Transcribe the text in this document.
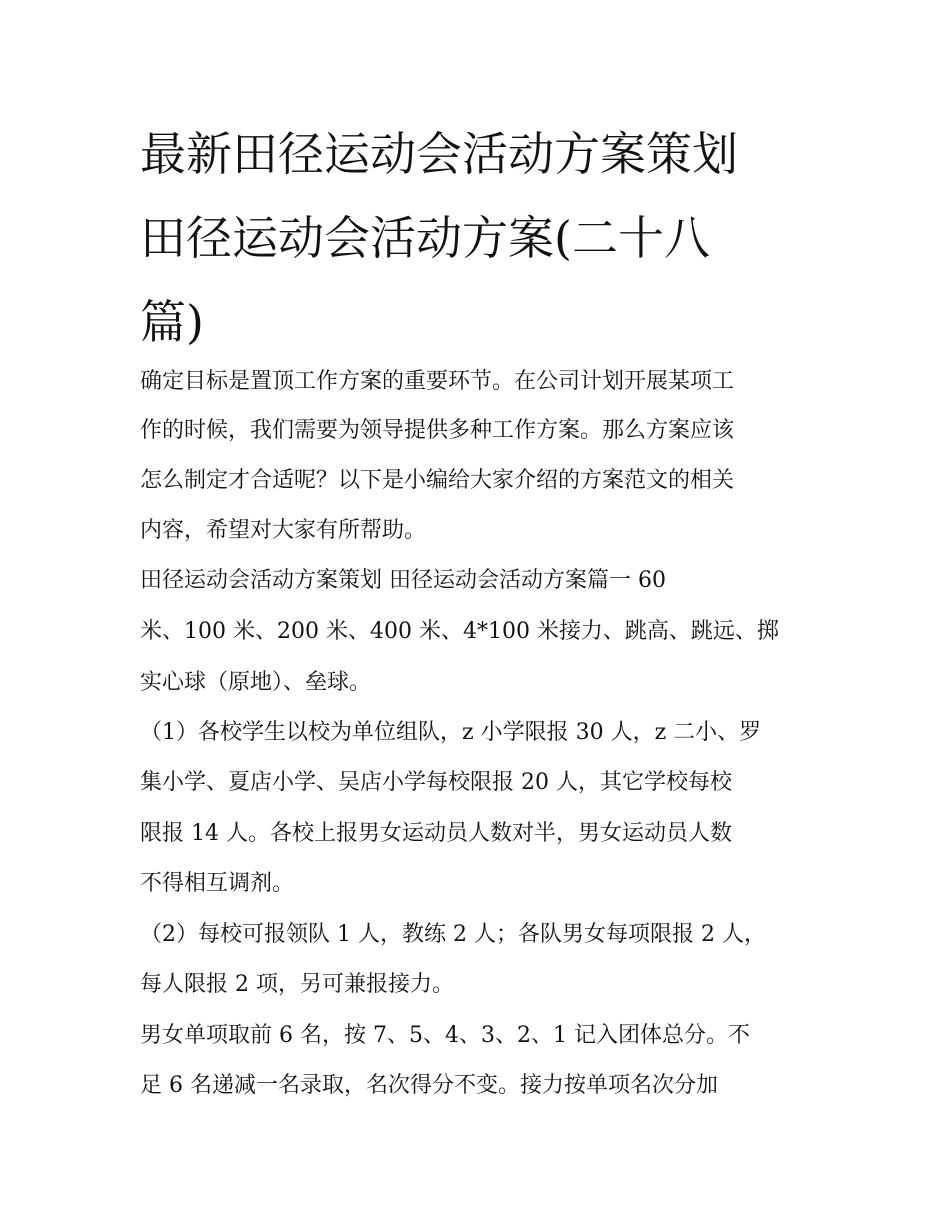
最新田径运动会活动方案策划
田径运动会活动方案(二十八
篇)

确定目标是置顶工作方案的重要环节。在公司计划开展某项工

作的时候，我们需要为领导提供多种工作方案。那么方案应该

怎么制定才合适呢？以下是小编给大家介绍的方案范文的相关

内容，希望对大家有所帮助。

田径运动会活动方案策划 田径运动会活动方案篇一 60

米、100 米、200 米、400 米、4*100 米接力、跳高、跳远、掷

实心球（原地）、垒球。

（1）各校学生以校为单位组队，z 小学限报 30 人，z 二小、罗

集小学、夏店小学、吴店小学每校限报 20 人，其它学校每校

限报 14 人。各校上报男女运动员人数对半，男女运动员人数

不得相互调剂。

（2）每校可报领队 1 人，教练 2 人；各队男女每项限报 2 人，

每人限报 2 项，另可兼报接力。

男女单项取前 6 名，按 7、5、4、3、2、1 记入团体总分。不

足 6 名递减一名录取，名次得分不变。接力按单项名次分加
